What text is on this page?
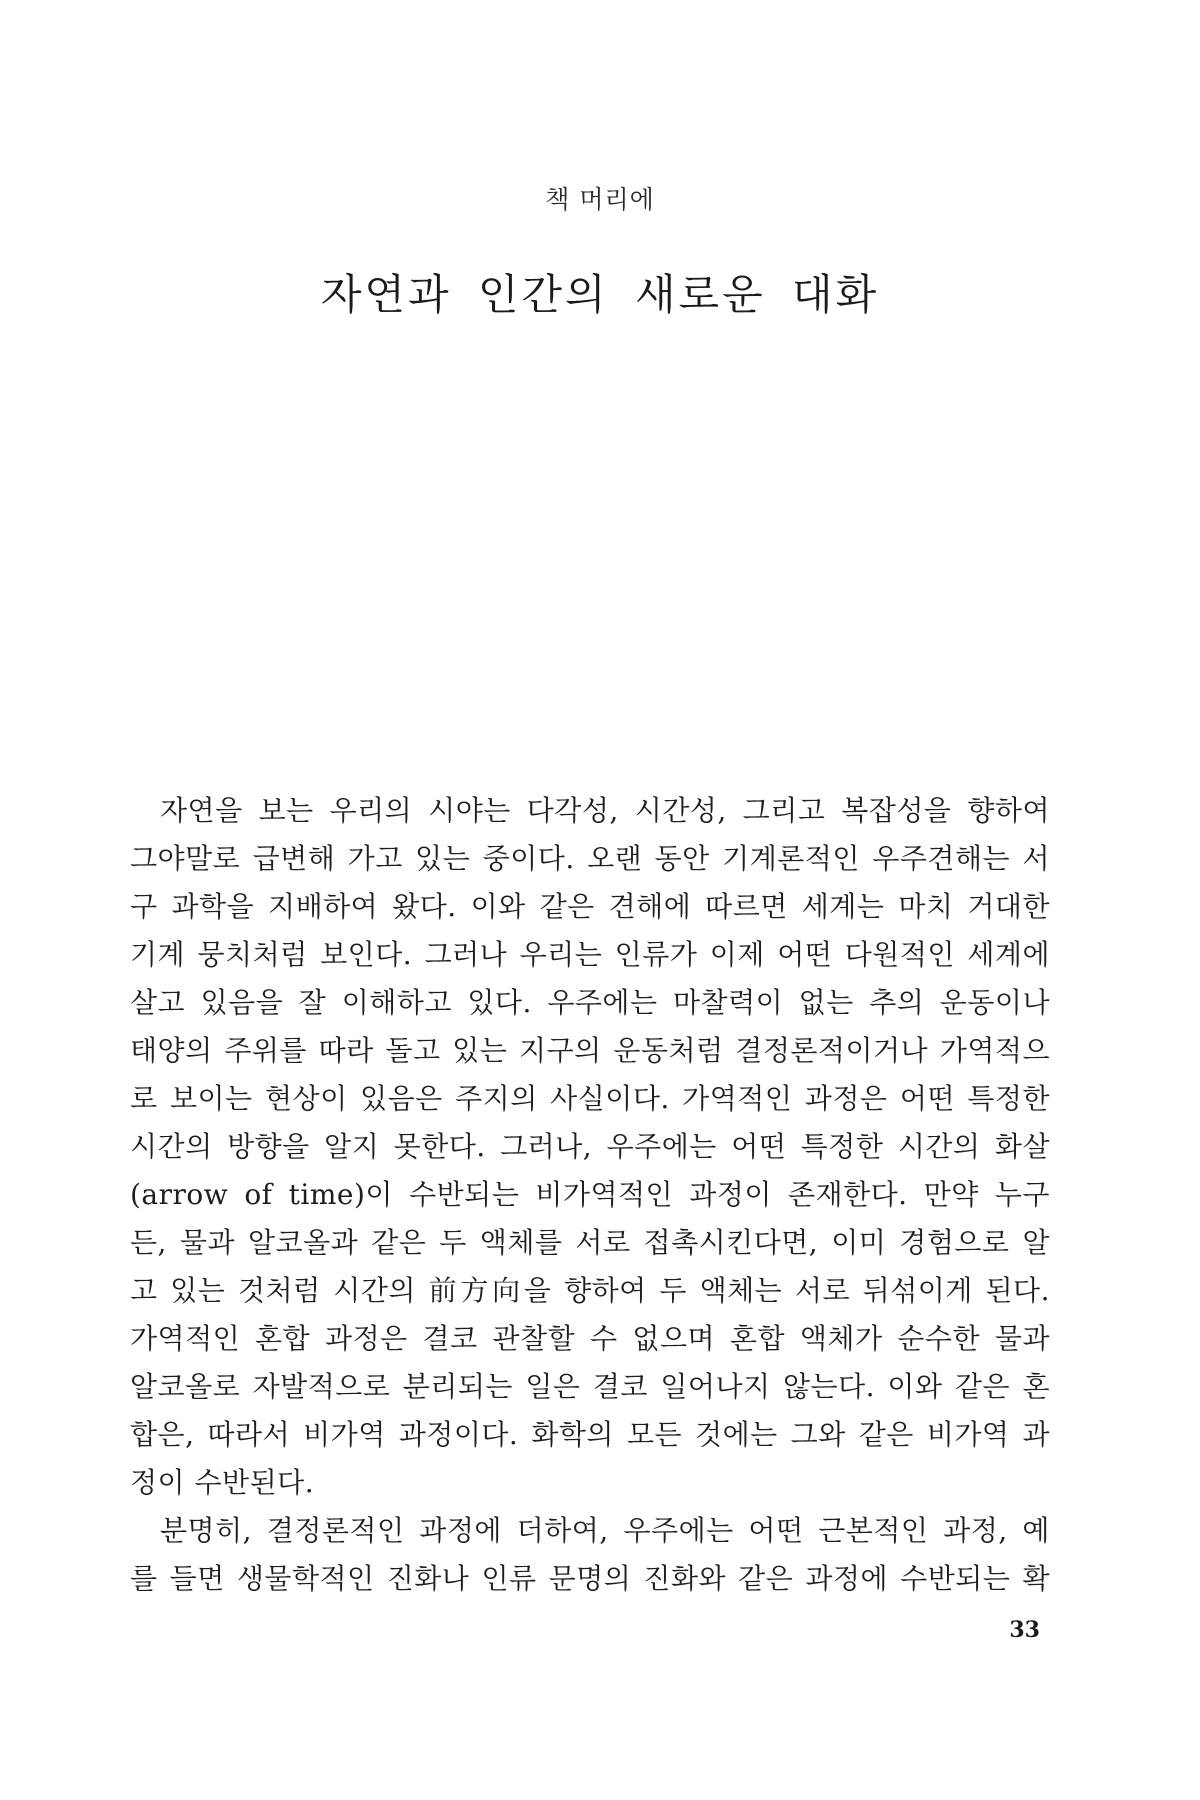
책 머리에
자연과 인간의 새로운 대화
자연을 보는 우리의 시야는 다각성, 시간성, 그리고 복잡성을 향하여
그야말로 급변해 가고 있는 중이다. 오랜 동안 기계론적인 우주견해는 서
구 과학을 지배하여 왔다. 이와 같은 견해에 따르면 세계는 마치 거대한
기계 뭉치처럼 보인다. 그러나 우리는 인류가 이제 어떤 다원적인 세계에
살고 있음을 잘 이해하고 있다. 우주에는 마찰력이 없는 추의 운동이나
태양의 주위를 따라 돌고 있는 지구의 운동처럼 결정론적이거나 가역적으
로 보이는 현상이 있음은 주지의 사실이다. 가역적인 과정은 어떤 특정한
시간의 방향을 알지 못한다. 그러나, 우주에는 어떤 특정한 시간의 화살
(arrow of time)이 수반되는 비가역적인 과정이 존재한다. 만약 누구
든, 물과 알코올과 같은 두 액체를 서로 접촉시킨다면, 이미 경험으로 알
고 있는 것처럼 시간의 前方向을 향하여 두 액체는 서로 뒤섞이게 된다.
가역적인 혼합 과정은 결코 관찰할 수 없으며 혼합 액체가 순수한 물과
알코올로 자발적으로 분리되는 일은 결코 일어나지 않는다. 이와 같은 혼
합은, 따라서 비가역 과정이다. 화학의 모든 것에는 그와 같은 비가역 과
정이 수반된다.
분명히, 결정론적인 과정에 더하여, 우주에는 어떤 근본적인 과정, 예
를 들면 생물학적인 진화나 인류 문명의 진화와 같은 과정에 수반되는 확
33
